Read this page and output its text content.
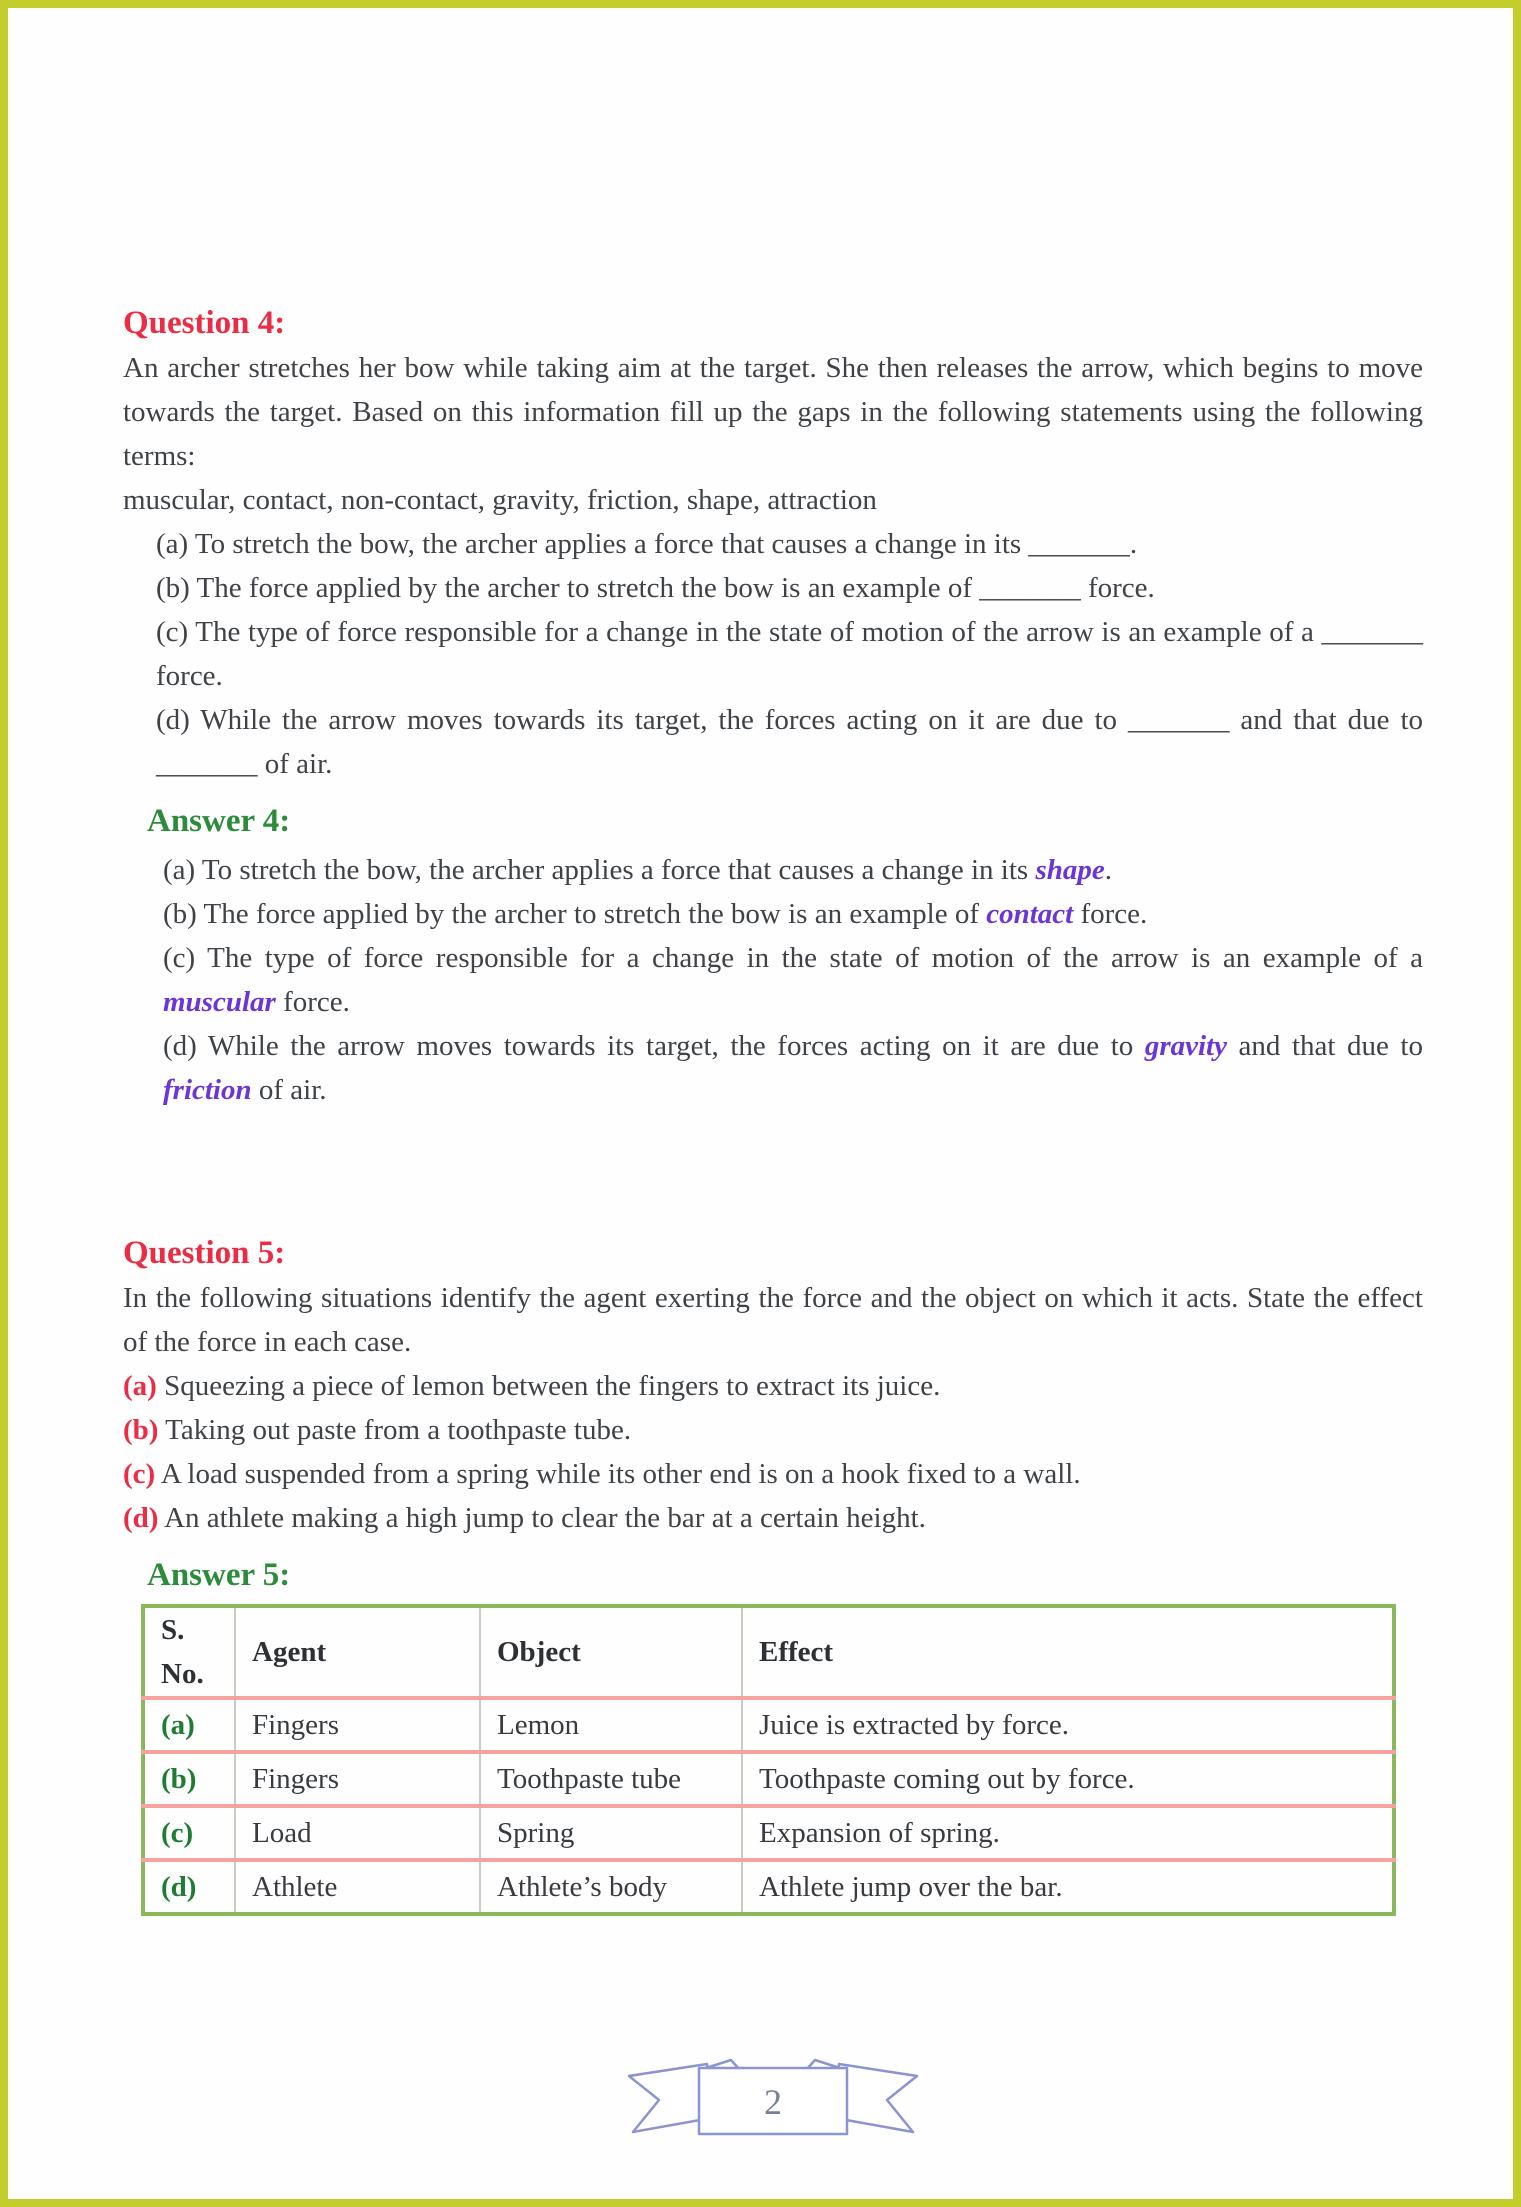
Question 4:

An archer stretches her bow while taking aim at the target. She then releases the arrow, which begins to move towards the target. Based on this information fill up the gaps in the following statements using the following terms:

muscular, contact, non-contact, gravity, friction, shape, attraction

(a) To stretch the bow, the archer applies a force that causes a change in its _______.

(b) The force applied by the archer to stretch the bow is an example of _______ force.

(c) The type of force responsible for a change in the state of motion of the arrow is an example of a _______ force.

(d) While the arrow moves towards its target, the forces acting on it are due to _______ and that due to _______ of air.

Answer 4:

(a) To stretch the bow, the archer applies a force that causes a change in its shape.

(b) The force applied by the archer to stretch the bow is an example of contact force.

(c) The type of force responsible for a change in the state of motion of the arrow is an example of a muscular force.

(d) While the arrow moves towards its target, the forces acting on it are due to gravity and that due to friction of air.

Question 5:

In the following situations identify the agent exerting the force and the object on which it acts. State the effect of the force in each case.

(a) Squeezing a piece of lemon between the fingers to extract its juice.

(b) Taking out paste from a toothpaste tube.

(c) A load suspended from a spring while its other end is on a hook fixed to a wall.

(d) An athlete making a high jump to clear the bar at a certain height.

Answer 5:
S. No.	Agent	Object	Effect
(a)	Fingers	Lemon	Juice is extracted by force.
(b)	Fingers	Toothpaste tube	Toothpaste coming out by force.
(c)	Load	Spring	Expansion of spring.
(d)	Athlete	Athlete’s body	Athlete jump over the bar.
2
